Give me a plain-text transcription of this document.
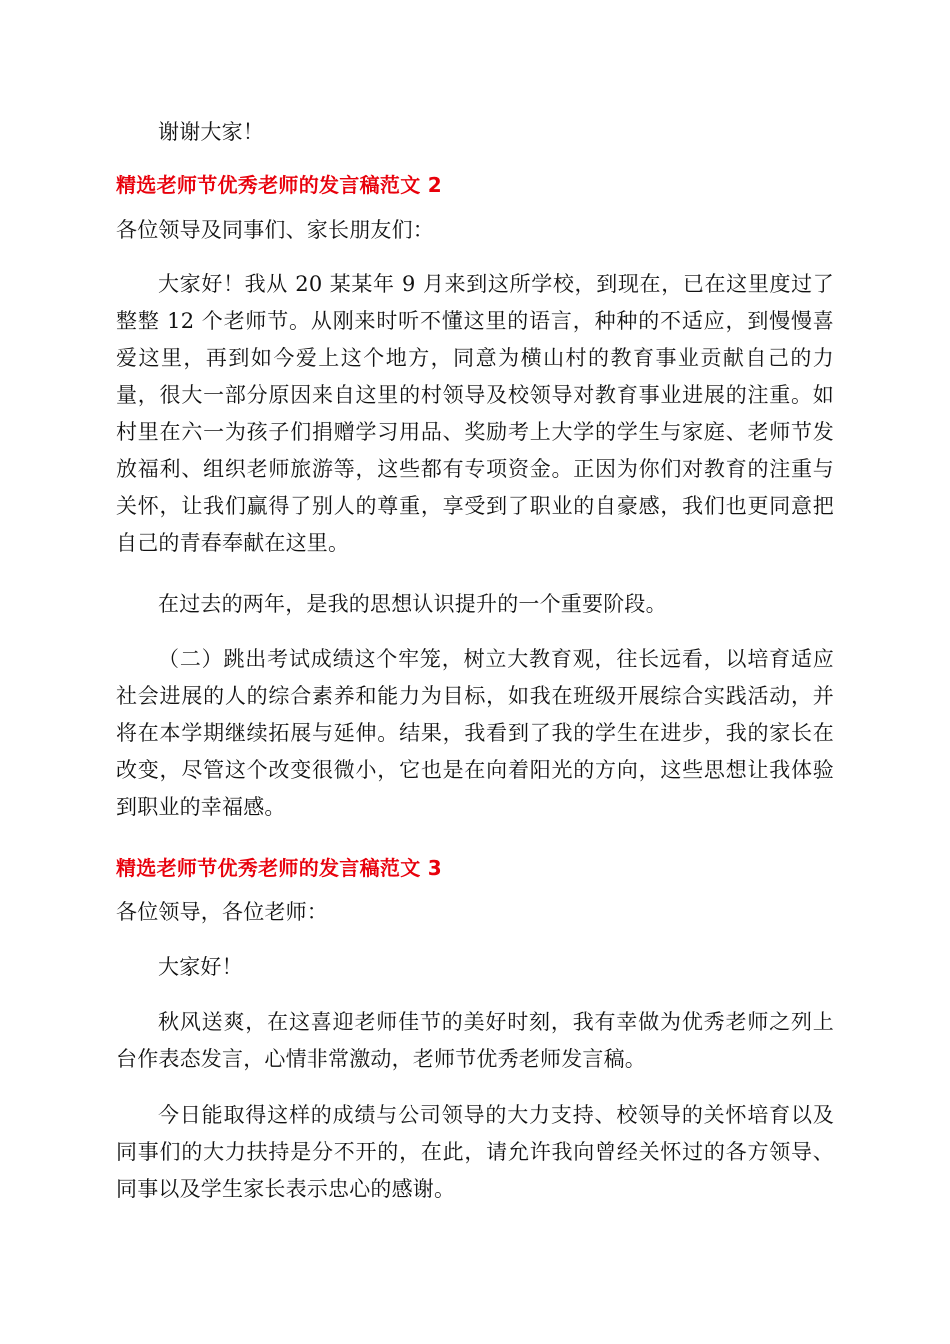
谢谢大家！

精选老师节优秀老师的发言稿范文 2

各位领导及同事们、家长朋友们：

大家好！我从 20 某某年 9 月来到这所学校，到现在，已在这里度过了整整 12 个老师节。从刚来时听不懂这里的语言，种种的不适应，到慢慢喜爱这里，再到如今爱上这个地方，同意为横山村的教育事业贡献自己的力量，很大一部分原因来自这里的村领导及校领导对教育事业进展的注重。如村里在六一为孩子们捐赠学习用品、奖励考上大学的学生与家庭、老师节发放福利、组织老师旅游等，这些都有专项资金。正因为你们对教育的注重与关怀，让我们赢得了别人的尊重，享受到了职业的自豪感，我们也更同意把自己的青春奉献在这里。

在过去的两年，是我的思想认识提升的一个重要阶段。

（二）跳出考试成绩这个牢笼，树立大教育观，往长远看，以培育适应社会进展的人的综合素养和能力为目标，如我在班级开展综合实践活动，并将在本学期继续拓展与延伸。结果，我看到了我的学生在进步，我的家长在改变，尽管这个改变很微小，它也是在向着阳光的方向，这些思想让我体验到职业的幸福感。

精选老师节优秀老师的发言稿范文 3

各位领导，各位老师：

大家好！

秋风送爽，在这喜迎老师佳节的美好时刻，我有幸做为优秀老师之列上台作表态发言，心情非常激动，老师节优秀老师发言稿。

今日能取得这样的成绩与公司领导的大力支持、校领导的关怀培育以及同事们的大力扶持是分不开的，在此，请允许我向曾经关怀过的各方领导、同事以及学生家长表示忠心的感谢。
